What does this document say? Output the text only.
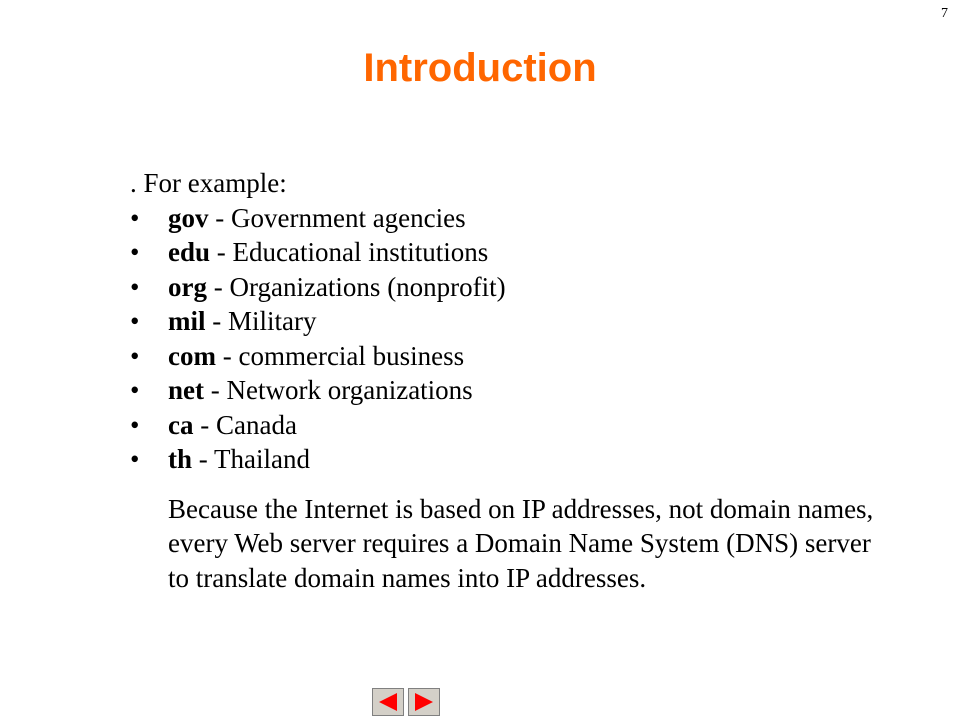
7
Introduction

. For example:

• gov - Government agencies
• edu - Educational institutions
• org - Organizations (nonprofit)
• mil - Military
• com - commercial business
• net - Network organizations
• ca - Canada
• th - Thailand

Because the Internet is based on IP addresses, not domain names, every Web server requires a Domain Name System (DNS) server to translate domain names into IP addresses.
